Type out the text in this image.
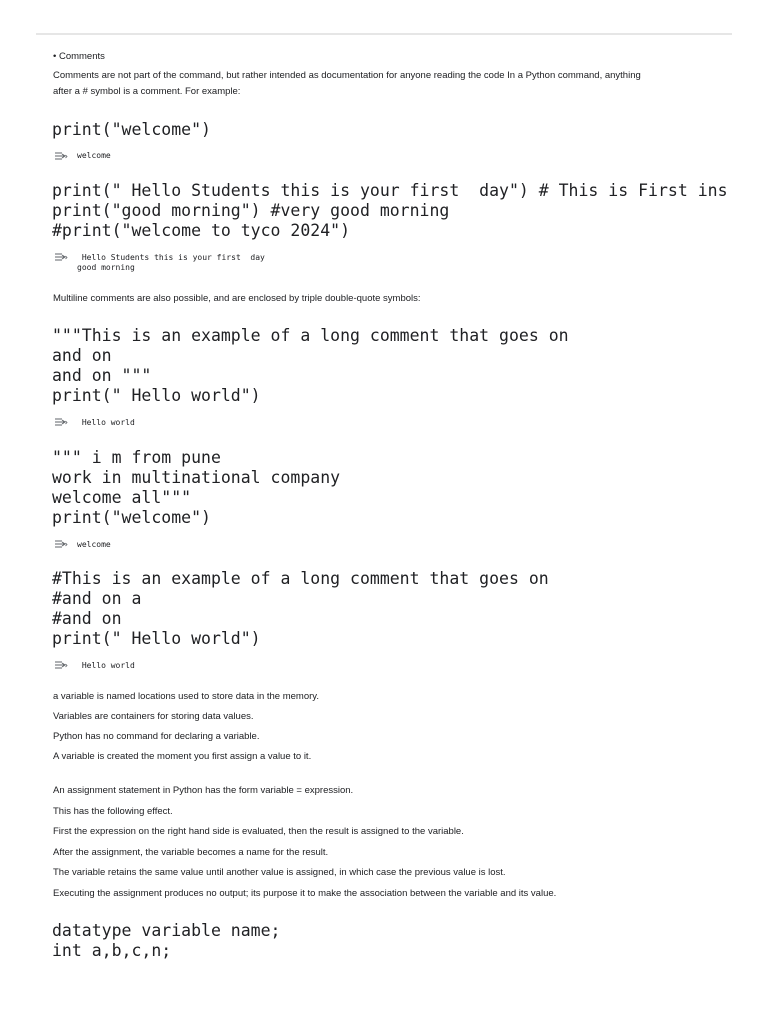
• Comments
Comments are not part of the command, but rather intended as documentation for anyone reading the code In a Python command, anything
after a # symbol is a comment. For example:
print("welcome")
welcome
print(" Hello Students this is your first  day") # This is First ins
print("good morning") #very good morning
#print("welcome to tyco 2024")
Hello Students this is your first  day
good morning
Multiline comments are also possible, and are enclosed by triple double-quote symbols:
"""This is an example of a long comment that goes on
and on
and on """
print(" Hello world")
Hello world
""" i m from pune
work in multinational company
welcome all"""
print("welcome")
welcome
#This is an example of a long comment that goes on
#and on a
#and on
print(" Hello world")
Hello world
a variable is named locations used to store data in the memory.
Variables are containers for storing data values.
Python has no command for declaring a variable.
A variable is created the moment you first assign a value to it.
An assignment statement in Python has the form variable = expression.
This has the following effect.
First the expression on the right hand side is evaluated, then the result is assigned to the variable.
After the assignment, the variable becomes a name for the result.
The variable retains the same value until another value is assigned, in which case the previous value is lost.
Executing the assignment produces no output; its purpose it to make the association between the variable and its value.
datatype variable name;
int a,b,c,n;
